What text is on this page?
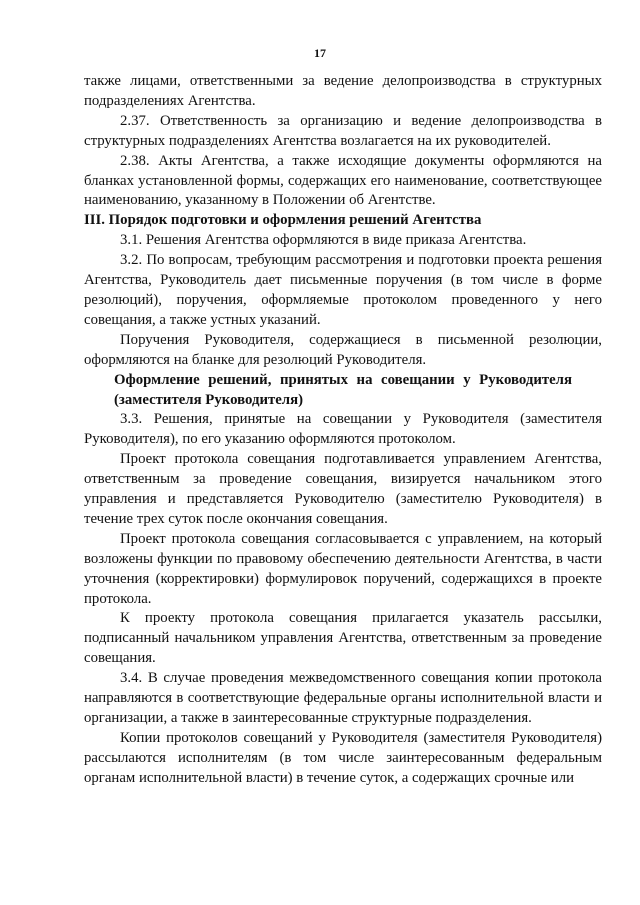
17

также лицами, ответственными за ведение делопроизводства в структурных подразделениях Агентства.

2.37. Ответственность за организацию и ведение делопроизводства в структурных подразделениях Агентства возлагается на их руководителей.

2.38. Акты Агентства, а также исходящие документы оформляются на бланках установленной формы, содержащих его наименование, соответствующее наименованию, указанному в Положении об Агентстве.

III. Порядок подготовки и оформления решений Агентства

3.1. Решения Агентства оформляются в виде приказа Агентства.

3.2. По вопросам, требующим рассмотрения и подготовки проекта решения Агентства, Руководитель дает письменные поручения (в том числе в форме резолюций), поручения, оформляемые протоколом проведенного у него совещания, а также устных указаний.

Поручения Руководителя, содержащиеся в письменной резолюции, оформляются на бланке для резолюций Руководителя.

Оформление решений, принятых на совещании у Руководителя (заместителя Руководителя)

3.3. Решения, принятые на совещании у Руководителя (заместителя Руководителя), по его указанию оформляются протоколом.

Проект протокола совещания подготавливается управлением Агентства, ответственным за проведение совещания, визируется начальником этого управления и представляется Руководителю (заместителю Руководителя) в течение трех суток после окончания совещания.

Проект протокола совещания согласовывается с управлением, на который возложены функции по правовому обеспечению деятельности Агентства, в части уточнения (корректировки) формулировок поручений, содержащихся в проекте протокола.

К проекту протокола совещания прилагается указатель рассылки, подписанный начальником управления Агентства, ответственным за проведение совещания.

3.4. В случае проведения межведомственного совещания копии протокола направляются в соответствующие федеральные органы исполнительной власти и организации, а также в заинтересованные структурные подразделения.

Копии протоколов совещаний у Руководителя (заместителя Руководителя) рассылаются исполнителям (в том числе заинтересованным федеральным органам исполнительной власти) в течение суток, а содержащих срочные или
